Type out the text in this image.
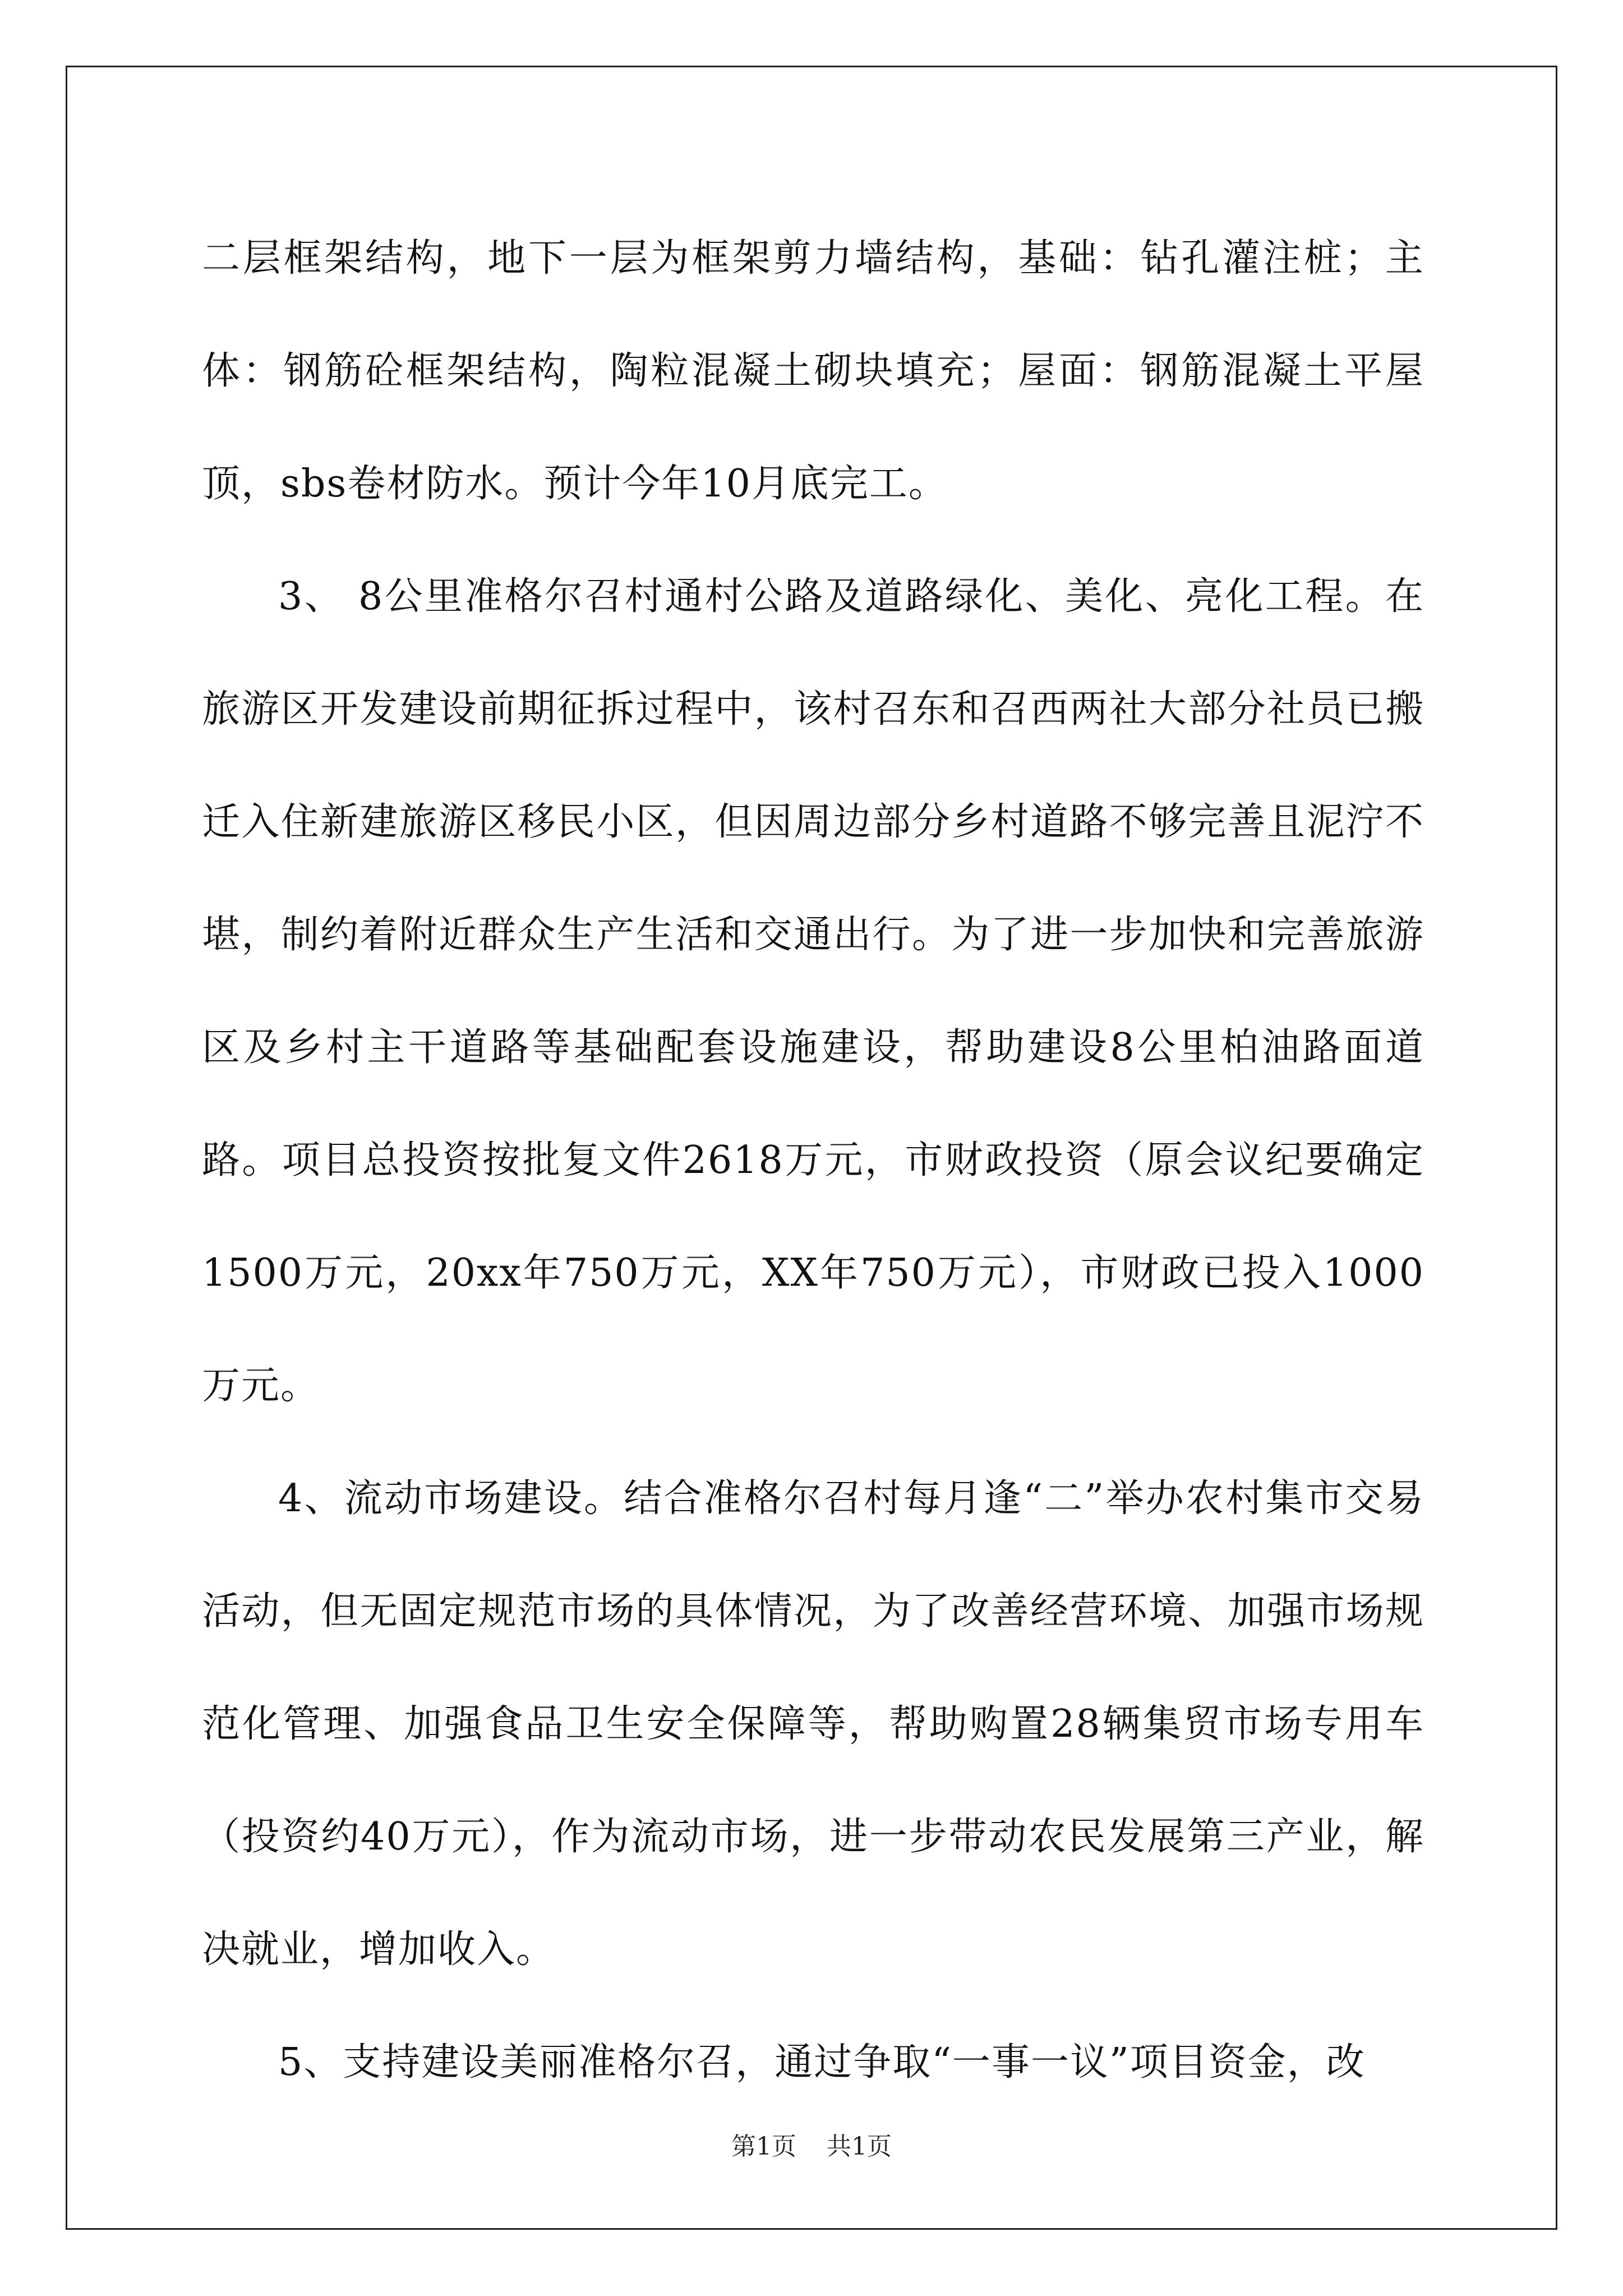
二层框架结构，地下一层为框架剪力墙结构，基础：钻孔灌注桩；主体：钢筋砼框架结构，陶粒混凝土砌块填充；屋面：钢筋混凝土平屋顶，sbs卷材防水。预计今年10月底完工。

3、 8公里准格尔召村通村公路及道路绿化、美化、亮化工程。在旅游区开发建设前期征拆过程中，该村召东和召西两社大部分社员已搬迁入住新建旅游区移民小区，但因周边部分乡村道路不够完善且泥泞不堪，制约着附近群众生产生活和交通出行。为了进一步加快和完善旅游区及乡村主干道路等基础配套设施建设，帮助建设8公里柏油路面道路。项目总投资按批复文件2618万元，市财政投资（原会议纪要确定1500万元，20xx年750万元，XX年750万元），市财政已投入1000万元。

4、流动市场建设。结合准格尔召村每月逢“二”举办农村集市交易活动，但无固定规范市场的具体情况，为了改善经营环境、加强市场规范化管理、加强食品卫生安全保障等，帮助购置28辆集贸市场专用车（投资约40万元），作为流动市场，进一步带动农民发展第三产业，解决就业，增加收入。

5、支持建设美丽准格尔召，通过争取“一事一议”项目资金，改

第1页 共1页
